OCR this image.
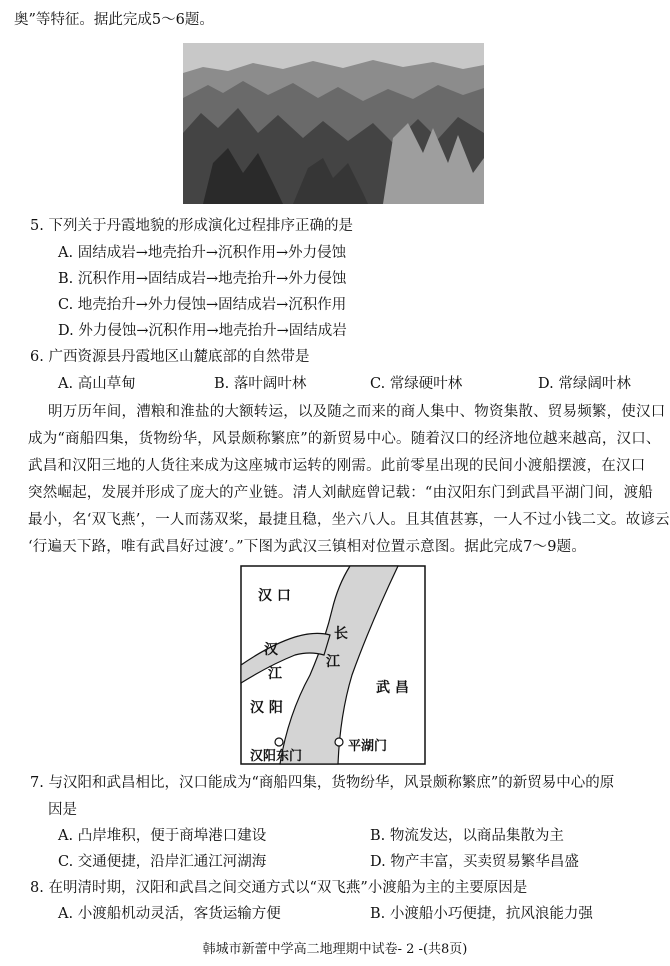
奥”等特征。据此完成5～6题。
5. 下列关于丹霞地貌的形成演化过程排序正确的是
A. 固结成岩→地壳抬升→沉积作用→外力侵蚀
B. 沉积作用→固结成岩→地壳抬升→外力侵蚀
C. 地壳抬升→外力侵蚀→固结成岩→沉积作用
D. 外力侵蚀→沉积作用→地壳抬升→固结成岩
6. 广西资源县丹霞地区山麓底部的自然带是
A. 高山草甸	B. 落叶阔叶林	C. 常绿硬叶林	D. 常绿阔叶林
明万历年间，漕粮和淮盐的大额转运，以及随之而来的商人集中、物资集散、贸易频繁，使汉口
成为“商船四集，货物纷华，风景颇称繁庶”的新贸易中心。随着汉口的经济地位越来越高，汉口、
武昌和汉阳三地的人货往来成为这座城市运转的刚需。此前零星出现的民间小渡船摆渡，在汉口
突然崛起，发展并形成了庞大的产业链。清人刘献庭曾记载：“由汉阳东门到武昌平湖门间，渡船
最小，名‘双飞燕’，一人而荡双桨，最捷且稳，坐六八人。且其值甚寡，一人不过小钱二文。故谚云
‘行遍天下路，唯有武昌好过渡’。”下图为武汉三镇相对位置示意图。据此完成7～9题。
汉 口
汉
江
长
江
武 昌
汉 阳
汉阳东门
平湖门
7. 与汉阳和武昌相比，汉口能成为“商船四集，货物纷华，风景颇称繁庶”的新贸易中心的原
因是
A. 凸岸堆积，便于商埠港口建设	B. 物流发达，以商品集散为主
C. 交通便捷，沿岸汇通江河湖海	D. 物产丰富，买卖贸易繁华昌盛
8. 在明清时期，汉阳和武昌之间交通方式以“双飞燕”小渡船为主的主要原因是
A. 小渡船机动灵活，客货运输方便	B. 小渡船小巧便捷，抗风浪能力强
韩城市新蕾中学高二地理期中试卷- 2 -(共8页)
